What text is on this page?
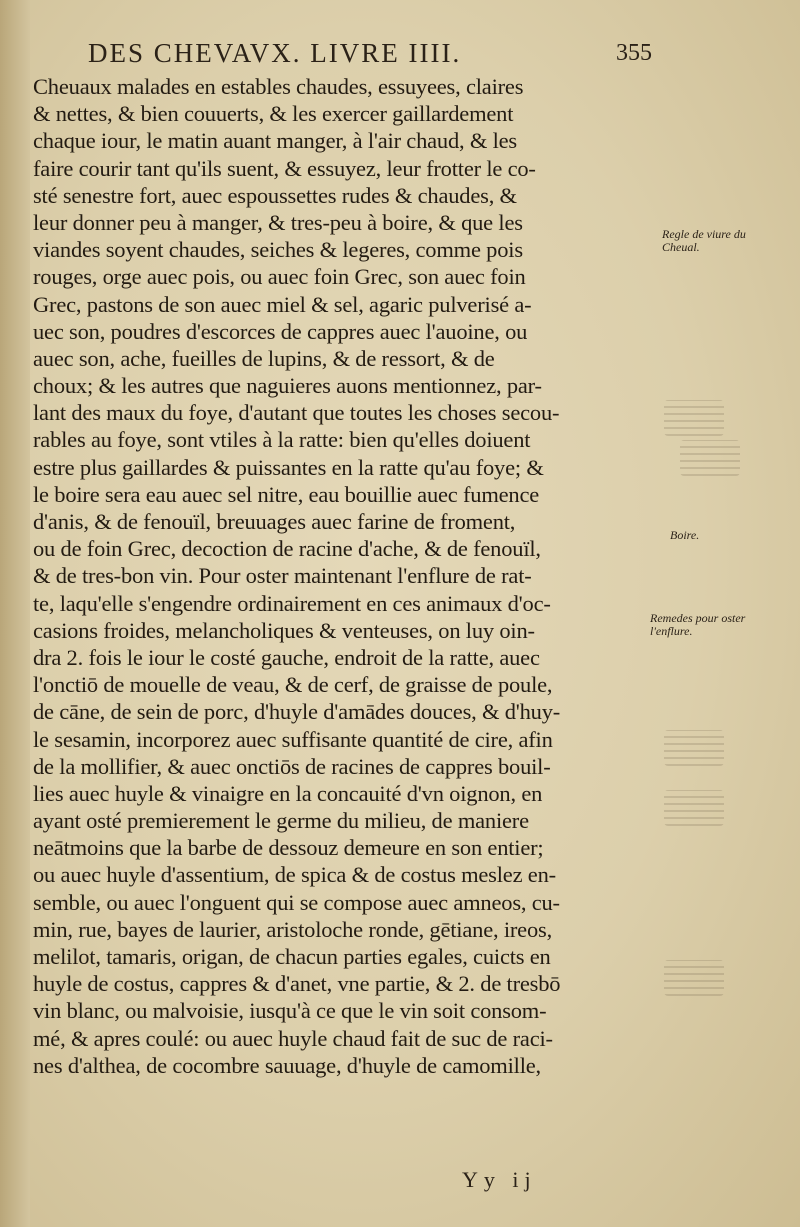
DES CHEVAVX. LIVRE IIII.	355
Cheuaux malades en estables chaudes, essuyees, claires
& nettes, & bien couuerts, & les exercer gaillardement
chaque iour, le matin auant manger, à l'air chaud, & les
faire courir tant qu'ils suent, & essuyez, leur frotter le co-
sté senestre fort, auec espoussettes rudes & chaudes, &
leur donner peu à manger, & tres-peu à boire, & que les
viandes soyent chaudes, seiches & legeres, comme pois
rouges, orge auec pois, ou auec foin Grec, son auec foin
Grec, pastons de son auec miel & sel, agaric pulverisé a-
uec son, poudres d'escorces de cappres auec l'auoine, ou
auec son, ache, fueilles de lupins, & de ressort, & de
choux; & les autres que naguieres auons mentionnez, par-
lant des maux du foye, d'autant que toutes les choses secou-
rables au foye, sont vtiles à la ratte: bien qu'elles doiuent
estre plus gaillardes & puissantes en la ratte qu'au foye; &
le boire sera eau auec sel nitre, eau bouillie auec fumence
d'anis, & de fenouïl, breuuages auec farine de froment,
ou de foin Grec, decoction de racine d'ache, & de fenouïl,
& de tres-bon vin. Pour oster maintenant l'enflure de rat-
te, laqu'elle s'engendre ordinairement en ces animaux d'oc-
casions froides, melancholiques & venteuses, on luy oin-
dra 2. fois le iour le costé gauche, endroit de la ratte, auec
l'onctiō de mouelle de veau, & de cerf, de graisse de poule,
de cāne, de sein de porc, d'huyle d'amādes douces, & d'huy-
le sesamin, incorporez auec suffisante quantité de cire, afin
de la mollifier, & auec onctiōs de racines de cappres bouil-
lies auec huyle & vinaigre en la concauité d'vn oignon, en
ayant osté premierement le germe du milieu, de maniere
neātmoins que la barbe de dessouz demeure en son entier;
ou auec huyle d'assentium, de spica & de costus meslez en-
semble, ou auec l'onguent qui se compose auec amneos, cu-
min, rue, bayes de laurier, aristoloche ronde, gētiane, ireos,
melilot, tamaris, origan, de chacun parties egales, cuicts en
huyle de costus, cappres & d'anet, vne partie, & 2. de tresbō
vin blanc, ou malvoisie, iusqu'à ce que le vin soit consom-
mé, & apres coulé: ou auec huyle chaud fait de suc de raci-
nes d'althea, de cocombre sauuage, d'huyle de camomille,

Regle de viure du Cheual.

Boire.

Remedes pour oster l'enflure.

Yy ij
